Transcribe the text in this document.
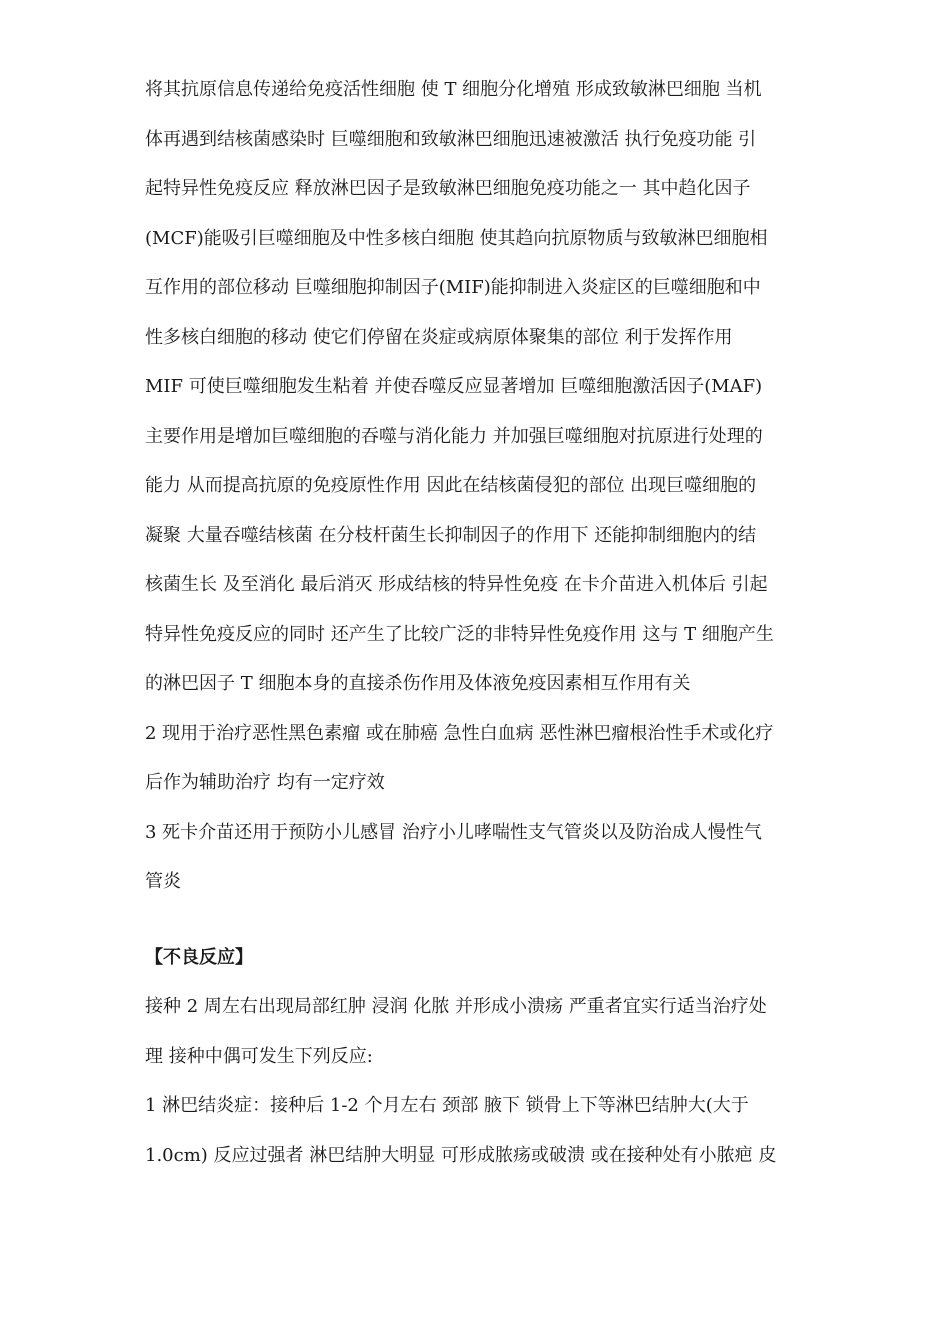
将其抗原信息传递给免疫活性细胞 使 T 细胞分化增殖 形成致敏淋巴细胞 当机
体再遇到结核菌感染时 巨噬细胞和致敏淋巴细胞迅速被激活 执行免疫功能 引
起特异性免疫反应 释放淋巴因子是致敏淋巴细胞免疫功能之一 其中趋化因子
(MCF)能吸引巨噬细胞及中性多核白细胞 使其趋向抗原物质与致敏淋巴细胞相
互作用的部位移动 巨噬细胞抑制因子(MIF)能抑制进入炎症区的巨噬细胞和中
性多核白细胞的移动 使它们停留在炎症或病原体聚集的部位 利于发挥作用
MIF 可使巨噬细胞发生粘着 并使吞噬反应显著增加 巨噬细胞激活因子(MAF)
主要作用是增加巨噬细胞的吞噬与消化能力 并加强巨噬细胞对抗原进行处理的
能力 从而提高抗原的免疫原性作用 因此在结核菌侵犯的部位 出现巨噬细胞的
凝聚 大量吞噬结核菌 在分枝杆菌生长抑制因子的作用下 还能抑制细胞内的结
核菌生长 及至消化 最后消灭 形成结核的特异性免疫 在卡介苗进入机体后 引起
特异性免疫反应的同时 还产生了比较广泛的非特异性免疫作用 这与 T 细胞产生
的淋巴因子 T 细胞本身的直接杀伤作用及体液免疫因素相互作用有关
2 现用于治疗恶性黑色素瘤 或在肺癌 急性白血病 恶性淋巴瘤根治性手术或化疗
后作为辅助治疗 均有一定疗效
3 死卡介苗还用于预防小儿感冒 治疗小儿哮喘性支气管炎以及防治成人慢性气
管炎
【不良反应】
接种 2 周左右出现局部红肿 浸润 化脓 并形成小溃疡 严重者宜实行适当治疗处
理 接种中偶可发生下列反应:
1 淋巴结炎症：接种后 1-2 个月左右 颈部 腋下 锁骨上下等淋巴结肿大(大于
1.0cm) 反应过强者 淋巴结肿大明显 可形成脓疡或破溃 或在接种处有小脓疤 皮
